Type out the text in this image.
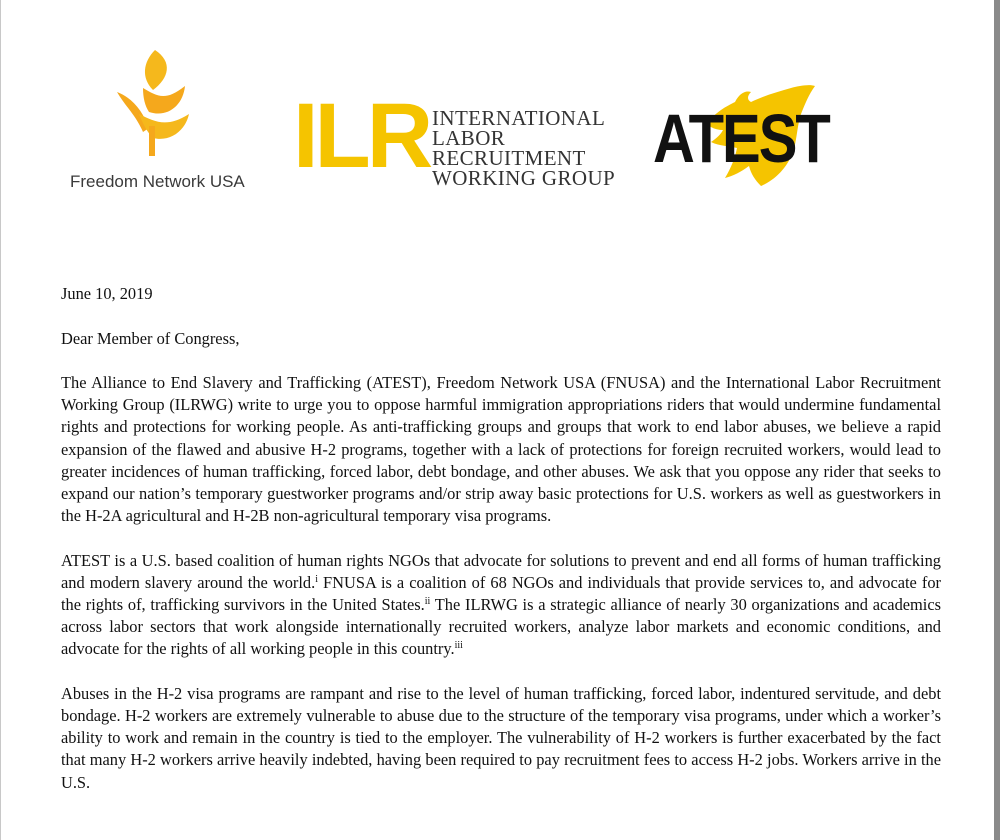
Freedom Network USA ILR INTERNATIONAL
LABOR
RECRUITMENT
WORKING GROUP
ATEST

June 10, 2019

Dear Member of Congress,

The Alliance to End Slavery and Trafficking (ATEST), Freedom Network USA (FNUSA) and the International Labor Recruitment Working Group (ILRWG) write to urge you to oppose harmful immigration appropriations riders that would undermine fundamental rights and protections for working people. As anti-trafficking groups and groups that work to end labor abuses, we believe a rapid expansion of the flawed and abusive H-2 programs, together with a lack of protections for foreign recruited workers, would lead to greater incidences of human trafficking, forced labor, debt bondage, and other abuses. We ask that you oppose any rider that seeks to expand our nation’s temporary guestworker programs and/or strip away basic protections for U.S. workers as well as guestworkers in the H-2A agricultural and H-2B non-agricultural temporary visa programs.

ATEST is a U.S. based coalition of human rights NGOs that advocate for solutions to prevent and end all forms of human trafficking and modern slavery around the world.$^i$ FNUSA is a coalition of 68 NGOs and individuals that provide services to, and advocate for the rights of, trafficking survivors in the United States.$^{ii}$ The ILRWG is a strategic alliance of nearly 30 organizations and academics across labor sectors that work alongside internationally recruited workers, analyze labor markets and economic conditions, and advocate for the rights of all working people in this country.$^{iii}$

Abuses in the H-2 visa programs are rampant and rise to the level of human trafficking, forced labor, indentured servitude, and debt bondage. H-2 workers are extremely vulnerable to abuse due to the structure of the temporary visa programs, under which a worker’s ability to work and remain in the country is tied to the employer. The vulnerability of H-2 workers is further exacerbated by the fact that many H-2 workers arrive heavily indebted, having been required to pay recruitment fees to access H-2 jobs. Workers arrive in the U.S.
